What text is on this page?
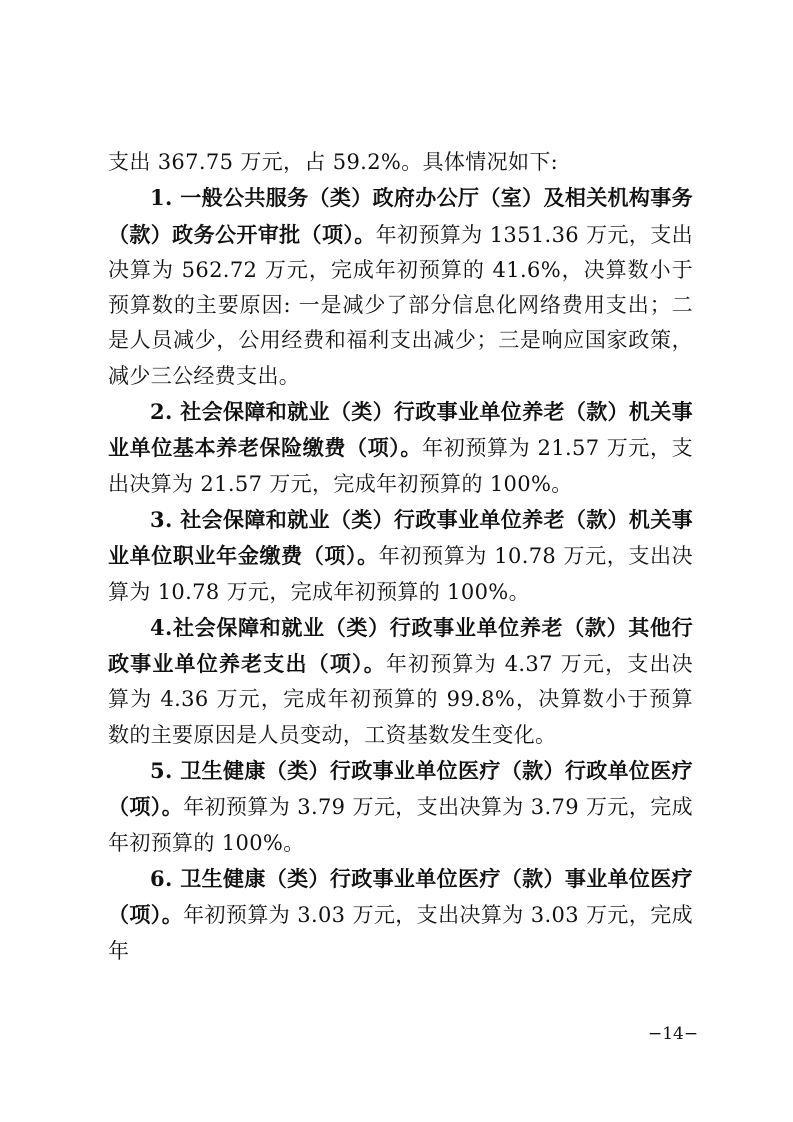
支出 367.75 万元，占 59.2%。具体情况如下:

1. 一般公共服务（类）政府办公厅（室）及相关机构事务（款）政务公开审批（项）。年初预算为 1351.36 万元，支出决算为 562.72 万元，完成年初预算的 41.6%，决算数小于预算数的主要原因: 一是减少了部分信息化网络费用支出；二是人员减少，公用经费和福利支出减少；三是响应国家政策，减少三公经费支出。

2. 社会保障和就业（类）行政事业单位养老（款）机关事业单位基本养老保险缴费（项）。年初预算为 21.57 万元，支出决算为 21.57 万元，完成年初预算的 100%。

3. 社会保障和就业（类）行政事业单位养老（款）机关事业单位职业年金缴费（项）。年初预算为 10.78 万元，支出决算为 10.78 万元，完成年初预算的 100%。

4.社会保障和就业（类）行政事业单位养老（款）其他行政事业单位养老支出（项）。年初预算为 4.37 万元，支出决算为 4.36 万元，完成年初预算的 99.8%，决算数小于预算数的主要原因是人员变动，工资基数发生变化。

5. 卫生健康（类）行政事业单位医疗（款）行政单位医疗（项）。年初预算为 3.79 万元，支出决算为 3.79 万元，完成年初预算的 100%。

6. 卫生健康（类）行政事业单位医疗（款）事业单位医疗（项）。年初预算为 3.03 万元，支出决算为 3.03 万元，完成年

−14−
